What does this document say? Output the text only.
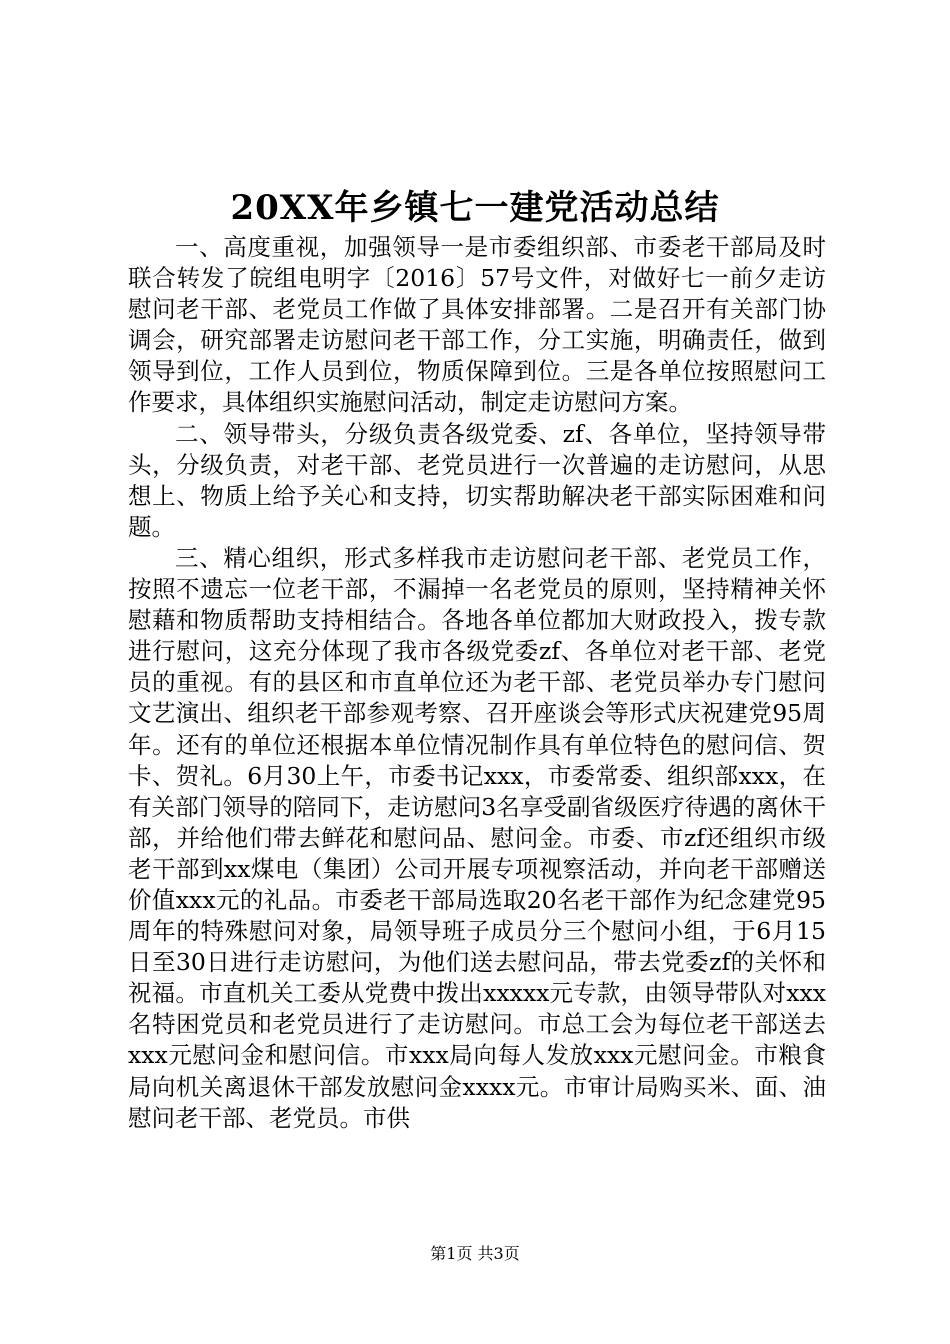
20XX年乡镇七一建党活动总结

一、高度重视，加强领导一是市委组织部、市委老干部局及时联合转发了皖组电明字〔2016〕57号文件，对做好七一前夕走访慰问老干部、老党员工作做了具体安排部署。二是召开有关部门协调会，研究部署走访慰问老干部工作，分工实施，明确责任，做到领导到位，工作人员到位，物质保障到位。三是各单位按照慰问工作要求，具体组织实施慰问活动，制定走访慰问方案。

二、领导带头，分级负责各级党委、zf、各单位，坚持领导带头，分级负责，对老干部、老党员进行一次普遍的走访慰问，从思想上、物质上给予关心和支持，切实帮助解决老干部实际困难和问题。

三、精心组织，形式多样我市走访慰问老干部、老党员工作，按照不遗忘一位老干部，不漏掉一名老党员的原则，坚持精神关怀慰藉和物质帮助支持相结合。各地各单位都加大财政投入，拨专款进行慰问，这充分体现了我市各级党委zf、各单位对老干部、老党员的重视。有的县区和市直单位还为老干部、老党员举办专门慰问文艺演出、组织老干部参观考察、召开座谈会等形式庆祝建党95周年。还有的单位还根据本单位情况制作具有单位特色的慰问信、贺卡、贺礼。6月30上午，市委书记xxx，市委常委、组织部xxx，在有关部门领导的陪同下，走访慰问3名享受副省级医疗待遇的离休干部，并给他们带去鲜花和慰问品、慰问金。市委、市zf还组织市级老干部到xx煤电（集团）公司开展专项视察活动，并向老干部赠送价值xxx元的礼品。市委老干部局选取20名老干部作为纪念建党95周年的特殊慰问对象，局领导班子成员分三个慰问小组，于6月15日至30日进行走访慰问，为他们送去慰问品，带去党委zf的关怀和祝福。市直机关工委从党费中拨出xxxxx元专款，由领导带队对xxx名特困党员和老党员进行了走访慰问。市总工会为每位老干部送去xxx元慰问金和慰问信。市xxx局向每人发放xxx元慰问金。市粮食局向机关离退休干部发放慰问金xxxx元。市审计局购买米、面、油慰问老干部、老党员。市供

第1页 共3页
